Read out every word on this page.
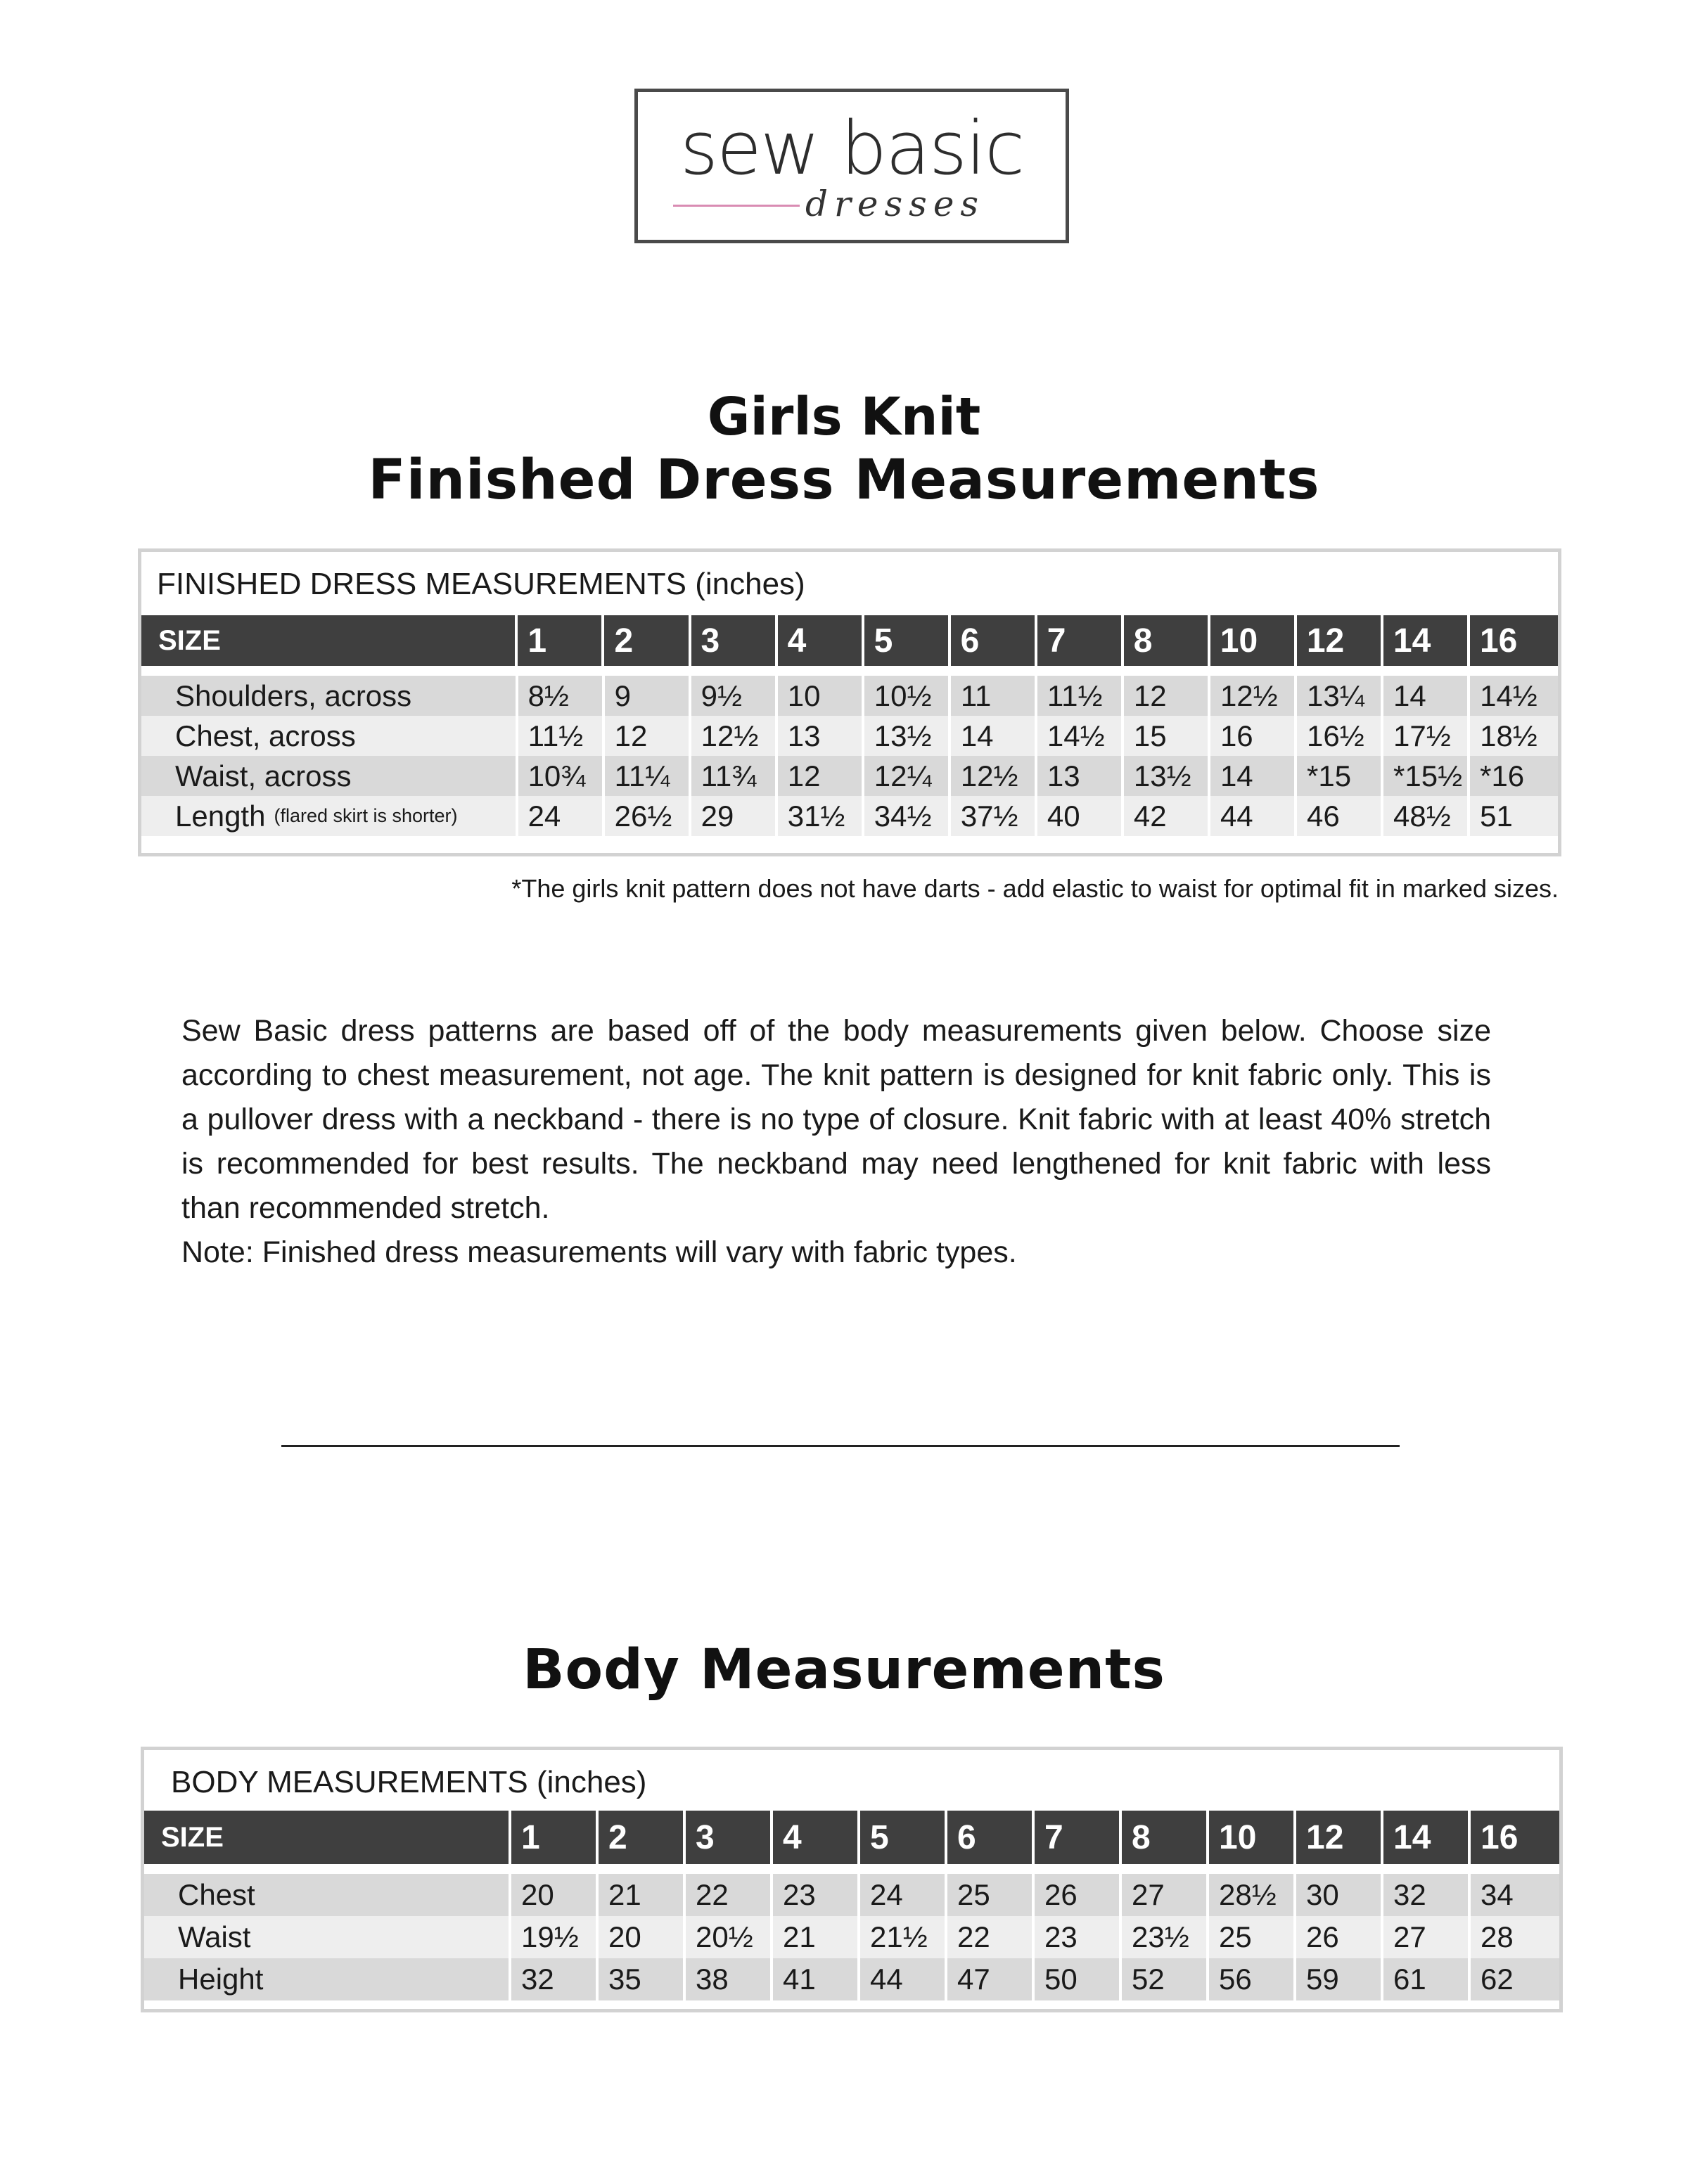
sew basic
dresses
Girls Knit
Finished Dress Measurements
FINISHED DRESS MEASUREMENTS (inches)
SIZE	1	2	3	4	5	6	7	8	10	12	14	16
Shoulders, across	8½	9	9½	10	10½ 11	11½	12	12½ 13¼ 14	14½
Chest, across	11½	12	12½ 13	13½ 14	14½ 15	16	16½ 17½ 18½
Waist, across	10¾ 11¼	11¾	12	12¼ 12½ 13	13½ 14	*15	*15½ *16
Length (flared skirt is shorter)	24	26½ 29	31½ 34½ 37½ 40	42	44	46	48½ 51
*The girls knit pattern does not have darts - add elastic to waist for optimal fit in marked sizes.
Sew Basic dress patterns are based off of the body measurements given below. Choose size according to chest measurement, not age. The knit pattern is designed for knit fabric only. This is a pullover dress with a neckband - there is no type of closure. Knit fabric with at least 40% stretch is recommended for best results. The neckband may need lengthened for knit fabric with less than recommended stretch.
Note: Finished dress measurements will vary with fabric types.
Body Measurements
BODY MEASUREMENTS (inches)
SIZE	1	2	3	4	5	6	7	8	10	12	14	16
Chest	20	21	22	23	24	25	26	27	28½	30	32	34
Waist	19½	20	20½	21	21½	22	23	23½	25	26	27	28
Height	32	35	38	41	44	47	50	52	56	59	61	62
